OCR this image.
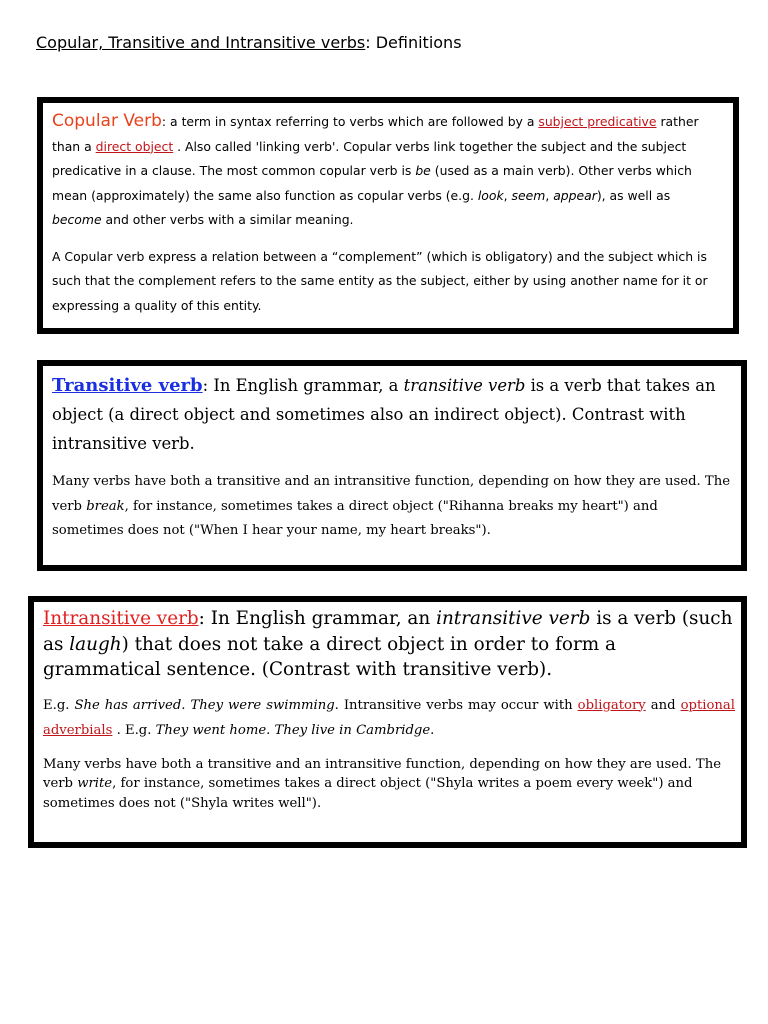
Copular, Transitive and Intransitive verbs: Definitions

Copular Verb: a term in syntax referring to verbs which are followed by a subject predicative rather than a direct object . Also called 'linking verb'. Copular verbs link together the subject and the subject predicative in a clause. The most common copular verb is be (used as a main verb). Other verbs which mean (approximately) the same also function as copular verbs (e.g. look, seem, appear), as well as become and other verbs with a similar meaning.

A Copular verb express a relation between a “complement” (which is obligatory) and the subject which is such that the complement refers to the same entity as the subject, either by using another name for it or expressing a quality of this entity.

Transitive verb: In English grammar, a transitive verb is a verb that takes an object (a direct object and sometimes also an indirect object). Contrast with intransitive verb.

Many verbs have both a transitive and an intransitive function, depending on how they are used. The verb break, for instance, sometimes takes a direct object ("Rihanna breaks my heart") and sometimes does not ("When I hear your name, my heart breaks").

Intransitive verb: In English grammar, an intransitive verb is a verb (such as laugh) that does not take a direct object in order to form a grammatical sentence. (Contrast with transitive verb).

E.g. She has arrived. They were swimming. Intransitive verbs may occur with obligatory and optional adverbials . E.g. They went home. They live in Cambridge.

Many verbs have both a transitive and an intransitive function, depending on how they are used. The verb write, for instance, sometimes takes a direct object ("Shyla writes a poem every week") and sometimes does not ("Shyla writes well").
